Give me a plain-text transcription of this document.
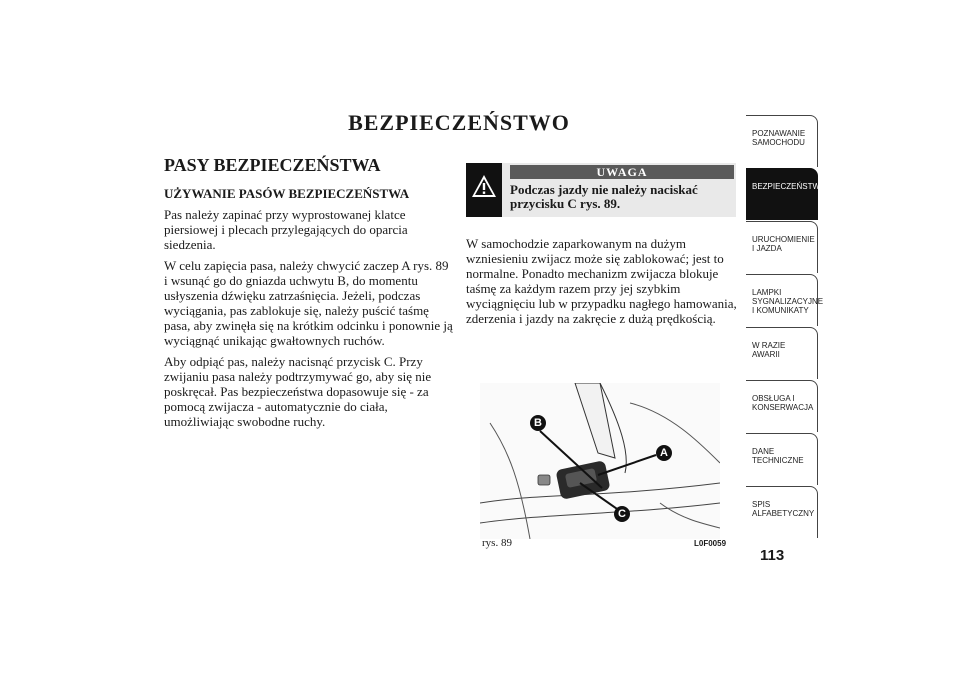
BEZPIECZEŃSTWO
PASY BEZPIECZEŃSTWA
UŻYWANIE PASÓW BEZPIECZEŃSTWA

Pas należy zapinać przy wyprostowanej klatce piersiowej i plecach przylegających do oparcia siedzenia.

W celu zapięcia pasa, należy chwycić zaczep A rys. 89 i wsunąć go do gniazda uchwytu B, do momentu usłyszenia dźwięku zatrzaśnięcia. Jeżeli, podczas wyciągania, pas zablokuje się, należy puścić taśmę pasa, aby zwinęła się na krótkim odcinku i ponownie ją wyciągnąć unikając gwałtownych ruchów.

Aby odpiąć pas, należy nacisnąć przycisk C. Przy zwijaniu pasa należy podtrzymywać go, aby się nie poskręcał. Pas bezpieczeństwa dopasowuje się - za pomocą zwijacza - automatycznie do ciała, umożliwiając swobodne ruchy.

UWAGA
Podczas jazdy nie należy naciskać przycisku C rys. 89.
W samochodzie zaparkowanym na dużym wzniesieniu zwijacz może się zablokować; jest to normalne. Ponadto mechanizm zwijacza blokuje taśmę za każdym razem przy jej szybkim wyciągnięciu lub w przypadku nagłego hamowania, zderzenia i jazdy na zakręcie z dużą prędkością.
B
A
C
rys. 89	L0F0059
POZNAWANIE SAMOCHODU
BEZPIECZEŃSTWO
URUCHOMIENIE I JAZDA
LAMPKI SYGNALIZACYJNE I KOMUNIKATY
W RAZIE AWARII
OBSŁUGA I KONSERWACJA
DANE TECHNICZNE
SPIS ALFABETYCZNY
113
